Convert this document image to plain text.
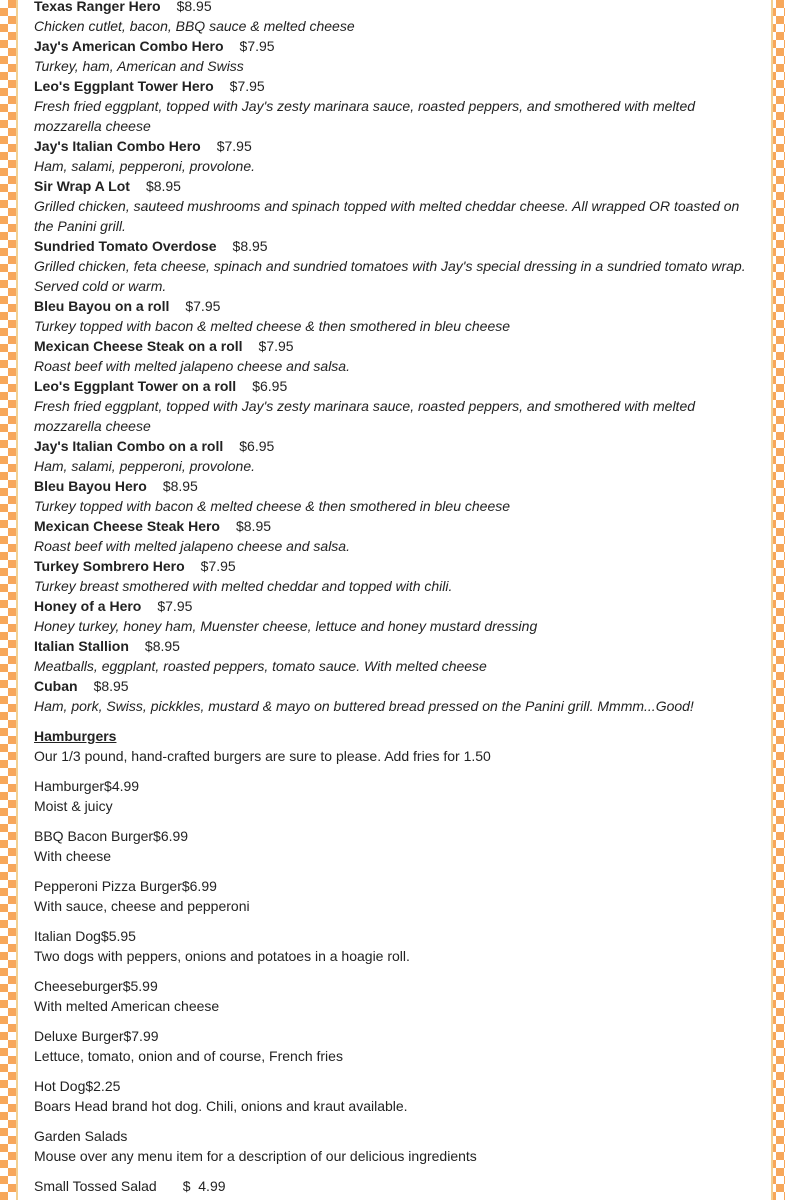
Texas Ranger Hero $8.95
Chicken cutlet, bacon, BBQ sauce & melted cheese
Jay's American Combo Hero $7.95
Turkey, ham, American and Swiss
Leo's Eggplant Tower Hero $7.95
Fresh fried eggplant, topped with Jay's zesty marinara sauce, roasted peppers, and smothered with melted mozzarella cheese
Jay's Italian Combo Hero $7.95
Ham, salami, pepperoni, provolone.
Sir Wrap A Lot $8.95
Grilled chicken, sauteed mushrooms and spinach topped with melted cheddar cheese. All wrapped OR toasted on the Panini grill.
Sundried Tomato Overdose $8.95
Grilled chicken, feta cheese, spinach and sundried tomatoes with Jay's special dressing in a sundried tomato wrap. Served cold or warm.
Bleu Bayou on a roll $7.95
Turkey topped with bacon & melted cheese & then smothered in bleu cheese
Mexican Cheese Steak on a roll $7.95
Roast beef with melted jalapeno cheese and salsa.
Leo's Eggplant Tower on a roll $6.95
Fresh fried eggplant, topped with Jay's zesty marinara sauce, roasted peppers, and smothered with melted mozzarella cheese
Jay's Italian Combo on a roll $6.95
Ham, salami, pepperoni, provolone.
Bleu Bayou Hero $8.95
Turkey topped with bacon & melted cheese & then smothered in bleu cheese
Mexican Cheese Steak Hero $8.95
Roast beef with melted jalapeno cheese and salsa.
Turkey Sombrero Hero $7.95
Turkey breast smothered with melted cheddar and topped with chili.
Honey of a Hero $7.95
Honey turkey, honey ham, Muenster cheese, lettuce and honey mustard dressing
Italian Stallion $8.95
Meatballs, eggplant, roasted peppers, tomato sauce. With melted cheese
Cuban $8.95
Ham, pork, Swiss, pickkles, mustard & mayo on buttered bread pressed on the Panini grill. Mmmm...Good!
Hamburgers
Our 1/3 pound, hand-crafted burgers are sure to please. Add fries for 1.50
Hamburger$4.99
Moist & juicy
BBQ Bacon Burger$6.99
With cheese
Pepperoni Pizza Burger$6.99
With sauce, cheese and pepperoni
Italian Dog$5.95
Two dogs with peppers, onions and potatoes in a hoagie roll.
Cheeseburger$5.99
With melted American cheese
Deluxe Burger$7.99
Lettuce, tomato, onion and of course, French fries
Hot Dog$2.25
Boars Head brand hot dog. Chili, onions and kraut available.
Garden Salads
Mouse over any menu item for a description of our delicious ingredients
Small Tossed Salad $  4.99
